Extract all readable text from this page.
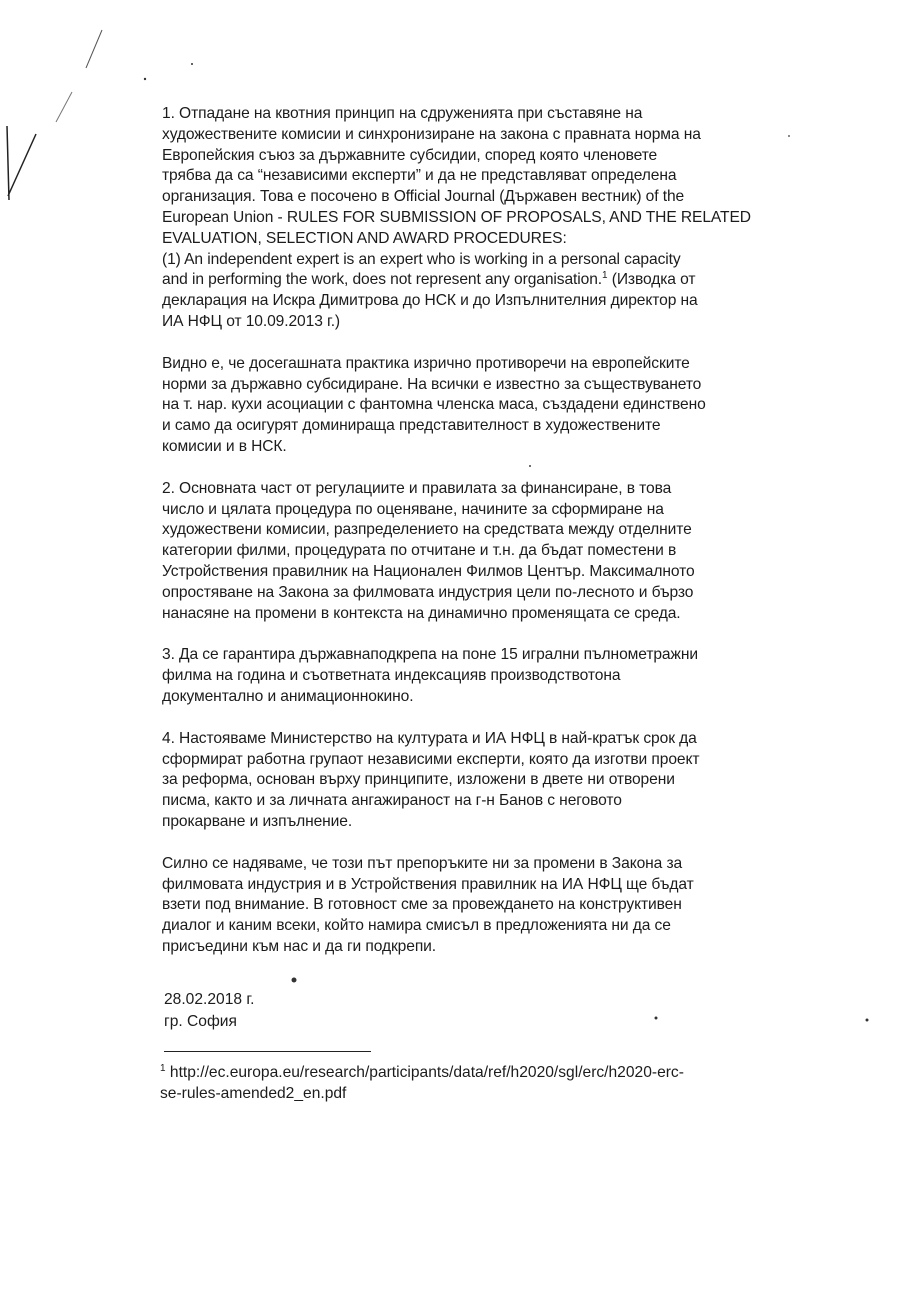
1. Отпадане на квотния принцип на сдруженията при съставяне на
художествените комисии и синхронизиране на закона с правната норма на
Европейския съюз за държавните субсидии, според която членовете
трябва да са “независими експерти” и да не представляват определена
организация. Това е посочено в Official Journal (Държавен вестник) of the
European Union - RULES FOR SUBMISSION OF PROPOSALS, AND THE RELATED
EVALUATION, SELECTION AND AWARD PROCEDURES:
(1) An independent expert is an expert who is working in a personal capacity
and in performing the work, does not represent any organisation.$^1$ (Изводка от
декларация на Искра Димитрова до НСК и до Изпълнителния директор на
ИА НФЦ от 10.09.2013 г.)
Видно е, че досегашната практика изрично противоречи на европейските
норми за държавно субсидиране. На всички е известно за съществуването
на т. нар. кухи асоциации с фантомна членска маса, създадени единствено
и само да осигурят доминираща представителност в художествените
комисии и в НСК.
2. Основната част от регулациите и правилата за финансиране, в това
число и цялата процедура по оценяване, начините за сформиране на
художествени комисии, разпределението на средствата между отделните
категории филми, процедурата по отчитане и т.н. да бъдат поместени в
Устройствения правилник на Национален Филмов Център. Максималното
опростяване на Закона за филмовата индустрия цели по-лесното и бързо
нанасяне на промени в контекста на динамично променящата се среда.
3. Да се гарантира държавнаподкрепа на поне 15 игрални пълнометражни
филма на година и съответната индексацияв производствотона
документално и анимационнокино.
4. Настояваме Министерство на културата и ИА НФЦ в най-кратък срок да
сформират работна групаот независими експерти, която да изготви проект
за реформа, основан върху принципите, изложени в двете ни отворени
писма, както и за личната ангажираност на г-н Банов с неговото
прокарване и изпълнение.
Силно се надяваме, че този път препоръките ни за промени в Закона за
филмовата индустрия и в Устройствения правилник на ИА НФЦ ще бъдат
взети под внимание. В готовност сме за провеждането на конструктивен
диалог и каним всеки, който намира смисъл в предложенията ни да се
присъедини към нас и да ги подкрепи.
28.02.2018 г.
гр. София
$^1$ http://ec.europa.eu/research/participants/data/ref/h2020/sgl/erc/h2020-erc-
se-rules-amended2_en.pdf
